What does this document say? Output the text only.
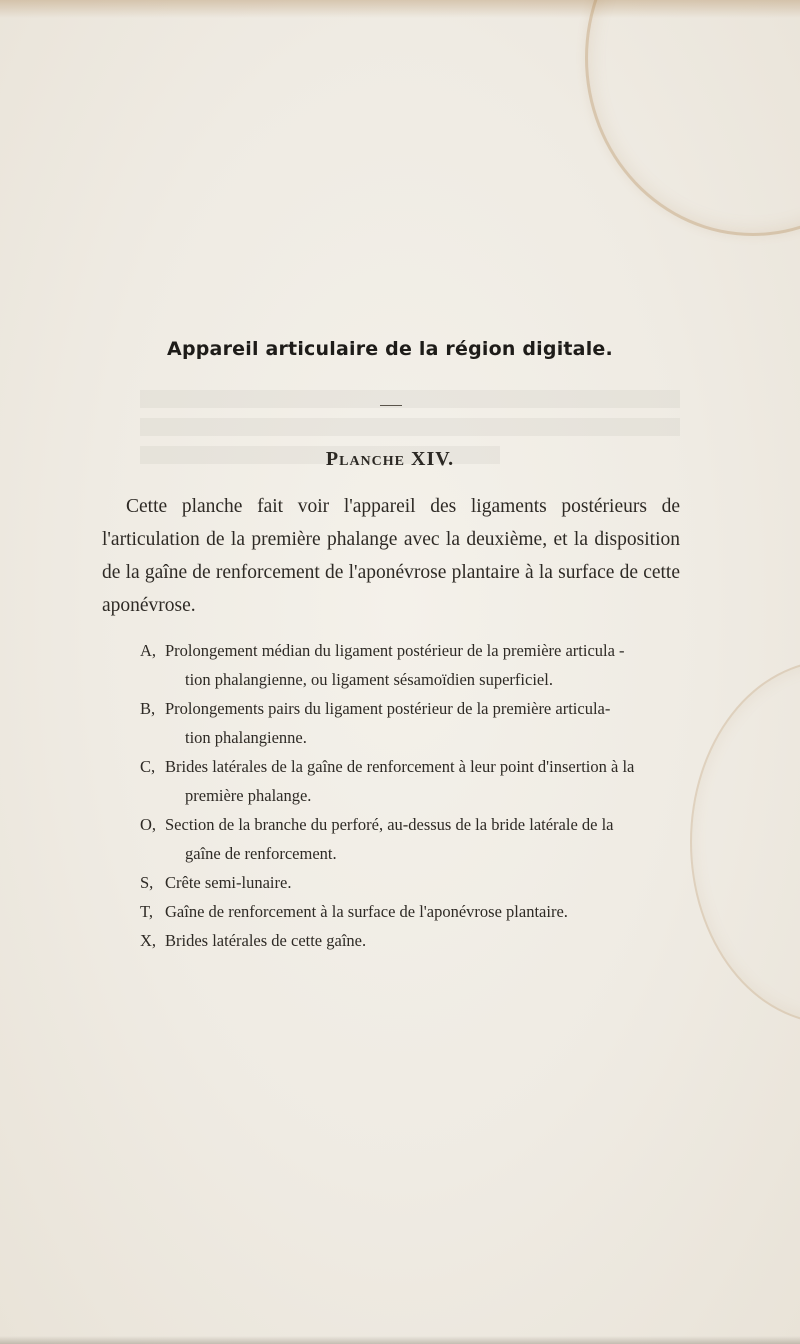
Appareil articulaire de la région digitale.
Planche XIV.

Cette planche fait voir l'appareil des ligaments postérieurs de l'articulation de la première phalange avec la deuxième, et la disposition de la gaîne de renforcement de l'aponévrose plantaire à la surface de cette aponévrose.

A, Prolongement médian du ligament postérieur de la première articula -
tion phalangienne, ou ligament sésamoïdien superficiel.
B, Prolongements pairs du ligament postérieur de la première articula-
tion phalangienne.
C, Brides latérales de la gaîne de renforcement à leur point d'insertion à la
première phalange.
O, Section de la branche du perforé, au-dessus de la bride latérale de la
gaîne de renforcement.
S, Crête semi-lunaire.
T, Gaîne de renforcement à la surface de l'aponévrose plantaire.
X, Brides latérales de cette gaîne.
